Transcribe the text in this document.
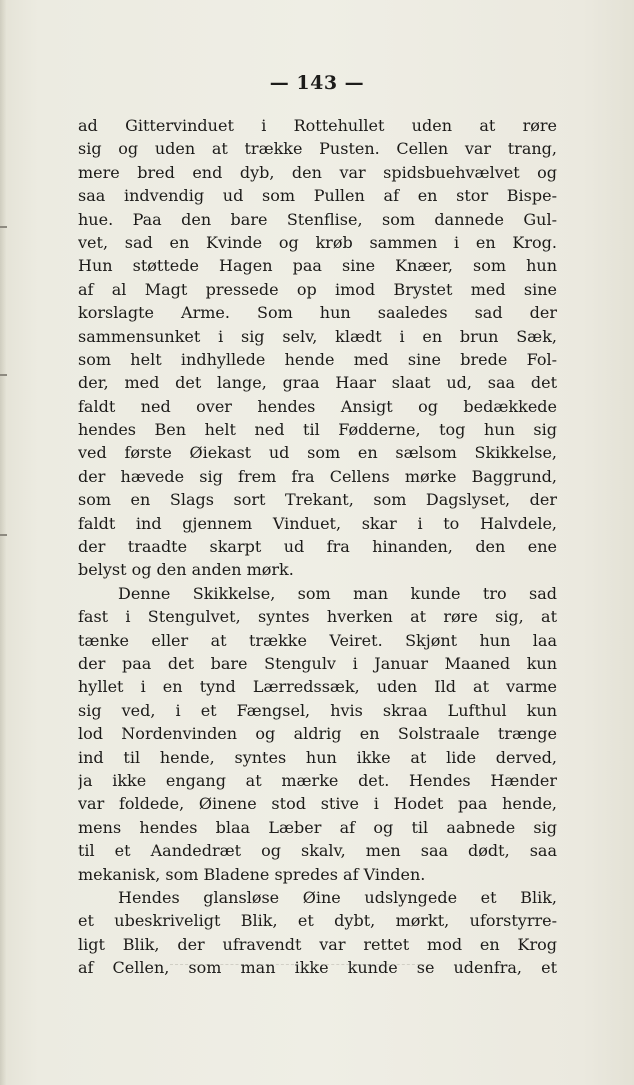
— 143 —
ad Gittervinduet i Rottehullet uden at røre
sig og uden at trække Pusten. Cellen var trang,
mere bred end dyb, den var spidsbuehvælvet og
saa indvendig ud som Pullen af en stor Bispe-
hue. Paa den bare Stenflise, som dannede Gul-
vet, sad en Kvinde og krøb sammen i en Krog.
Hun støttede Hagen paa sine Knæer, som hun
af al Magt pressede op imod Brystet med sine
korslagte Arme. Som hun saaledes sad der
sammensunket i sig selv, klædt i en brun Sæk,
som helt indhyllede hende med sine brede Fol-
der, med det lange, graa Haar slaat ud, saa det
faldt ned over hendes Ansigt og bedækkede
hendes Ben helt ned til Fødderne, tog hun sig
ved første Øiekast ud som en sælsom Skikkelse,
der hævede sig frem fra Cellens mørke Baggrund,
som en Slags sort Trekant, som Dagslyset, der
faldt ind gjennem Vinduet, skar i to Halvdele,
der traadte skarpt ud fra hinanden, den ene
belyst og den anden mørk.
Denne Skikkelse, som man kunde tro sad
fast i Stengulvet, syntes hverken at røre sig, at
tænke eller at trække Veiret. Skjønt hun laa
der paa det bare Stengulv i Januar Maaned kun
hyllet i en tynd Lærredssæk, uden Ild at varme
sig ved, i et Fængsel, hvis skraa Lufthul kun
lod Nordenvinden og aldrig en Solstraale trænge
ind til hende, syntes hun ikke at lide derved,
ja ikke engang at mærke det. Hendes Hænder
var foldede, Øinene stod stive i Hodet paa hende,
mens hendes blaa Læber af og til aabnede sig
til et Aandedræt og skalv, men saa dødt, saa
mekanisk, som Bladene spredes af Vinden.
Hendes glansløse Øine udslyngede et Blik,
et ubeskriveligt Blik, et dybt, mørkt, uforstyrre-
ligt Blik, der ufravendt var rettet mod en Krog
af Cellen, som man ikke kunde se udenfra, et
